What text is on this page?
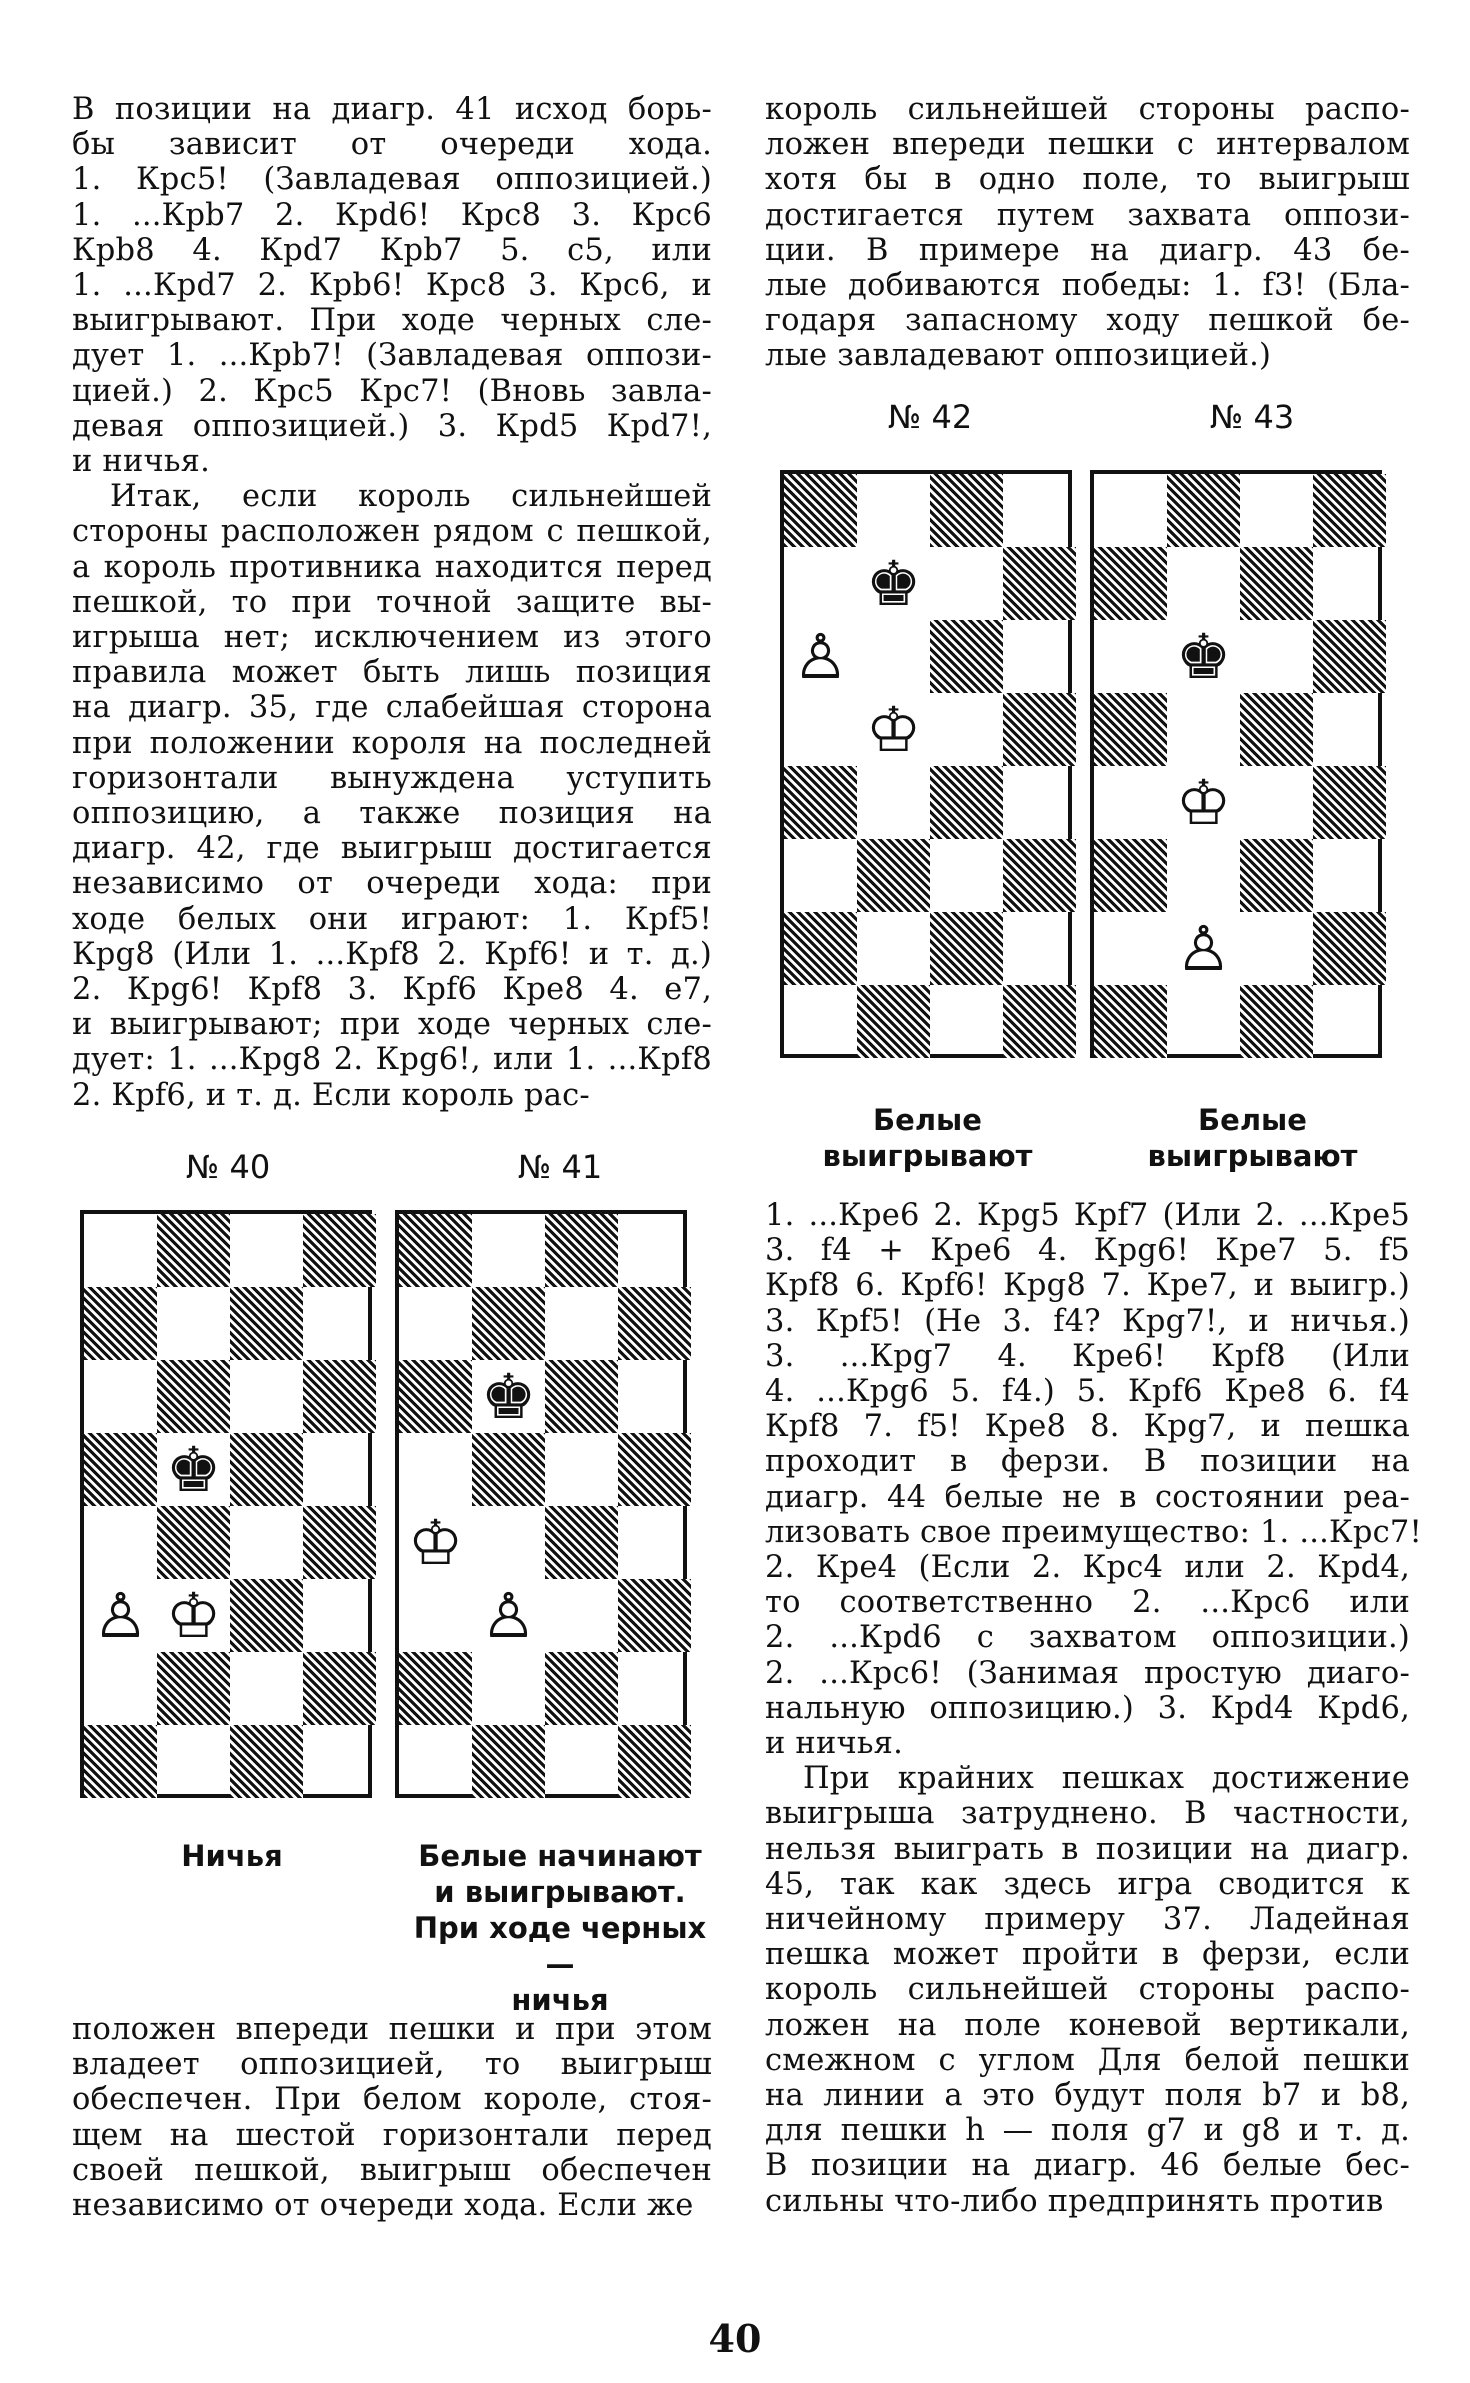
В позиции на диагр. 41 исход борь-
бы зависит от очереди хода.
1. Крс5! (Завладевая оппозицией.)
1. ...Крb7 2. Крd6! Крс8 3. Крс6
Крb8 4. Крd7 Крb7 5. с5, или
1. ...Крd7 2. Крb6! Крс8 3. Крс6, и
выигрывают. При ходе черных сле-
дует 1. ...Крb7! (Завладевая оппози-
цией.) 2. Крс5 Крс7! (Вновь завла-
девая оппозицией.) 3. Крd5 Крd7!,
и ничья.
Итак, если король сильнейшей
стороны расположен рядом с пешкой,
а король противника находится перед
пешкой, то при точной защите вы-
игрыша нет; исключением из этого
правила может быть лишь позиция
на диагр. 35, где слабейшая сторона
при положении короля на последней
горизонтали вынуждена уступить
оппозицию, а также позиция на
диагр. 42, где выигрыш достигается
независимо от очереди хода: при
ходе белых они играют: 1. Крf5!
Крg8 (Или 1. ...Крf8 2. Крf6! и т. д.)
2. Крg6! Крf8 3. Крf6 Кре8 4. е7,
и выигрывают; при ходе черных сле-
дует: 1. ...Крg8 2. Крg6!, или 1. ...Крf8
2. Крf6, и т. д. Если король рас-
король сильнейшей стороны распо-
ложен впереди пешки с интервалом
хотя бы в одно поле, то выигрыш
достигается путем захвата оппози-
ции. В примере на диагр. 43 бе-
лые добиваются победы: 1. f3! (Бла-
годаря запасному ходу пешкой бе-
лые завладевают оппозицией.)
№ 40	№ 41
№ 42	№ 43
♚
♙ ♔
♚
♔
♙
♚
♙
♔
♚
♔
♙
Ничья	Белые начинают
и выигрывают.
При ходе черных —
ничья
Белые выигрывают
Белые выигрывают
положен впереди пешки и при этом
владеет оппозицией, то выигрыш
обеспечен. При белом короле, стоя-
щем на шестой горизонтали перед
своей пешкой, выигрыш обеспечен
независимо от очереди хода. Если же
1. ...Кре6 2. Крg5 Крf7 (Или 2. ...Кре5
3. f4 + Кре6 4. Крg6! Кре7 5. f5
Крf8 6. Крf6! Крg8 7. Кре7, и выигр.)
3. Крf5! (Не 3. f4? Крg7!, и ничья.)
3. ...Крg7 4. Кре6! Крf8 (Или
4. ...Крg6 5. f4.) 5. Крf6 Кре8 6. f4
Крf8 7. f5! Кре8 8. Крg7, и пешка
проходит в ферзи. В позиции на
диагр. 44 белые не в состоянии реа-
лизовать свое преимущество: 1. ...Крс7!
2. Кре4 (Если 2. Крс4 или 2. Крd4,
то соответственно 2. ...Крс6 или
2. ...Крd6 с захватом оппозиции.)
2. ...Крс6! (Занимая простую диаго-
нальную оппозицию.) 3. Крd4 Крd6,
и ничья.
При крайних пешках достижение
выигрыша затруднено. В частности,
нельзя выиграть в позиции на диагр.
45, так как здесь игра сводится к
ничейному примеру 37. Ладейная
пешка может пройти в ферзи, если
король сильнейшей стороны распо-
ложен на поле коневой вертикали,
смежном с углом Для белой пешки
на линии а это будут поля b7 и b8,
для пешки h — поля g7 и g8 и т. д.
В позиции на диагр. 46 белые бес-
сильны что-либо предпринять против
40
